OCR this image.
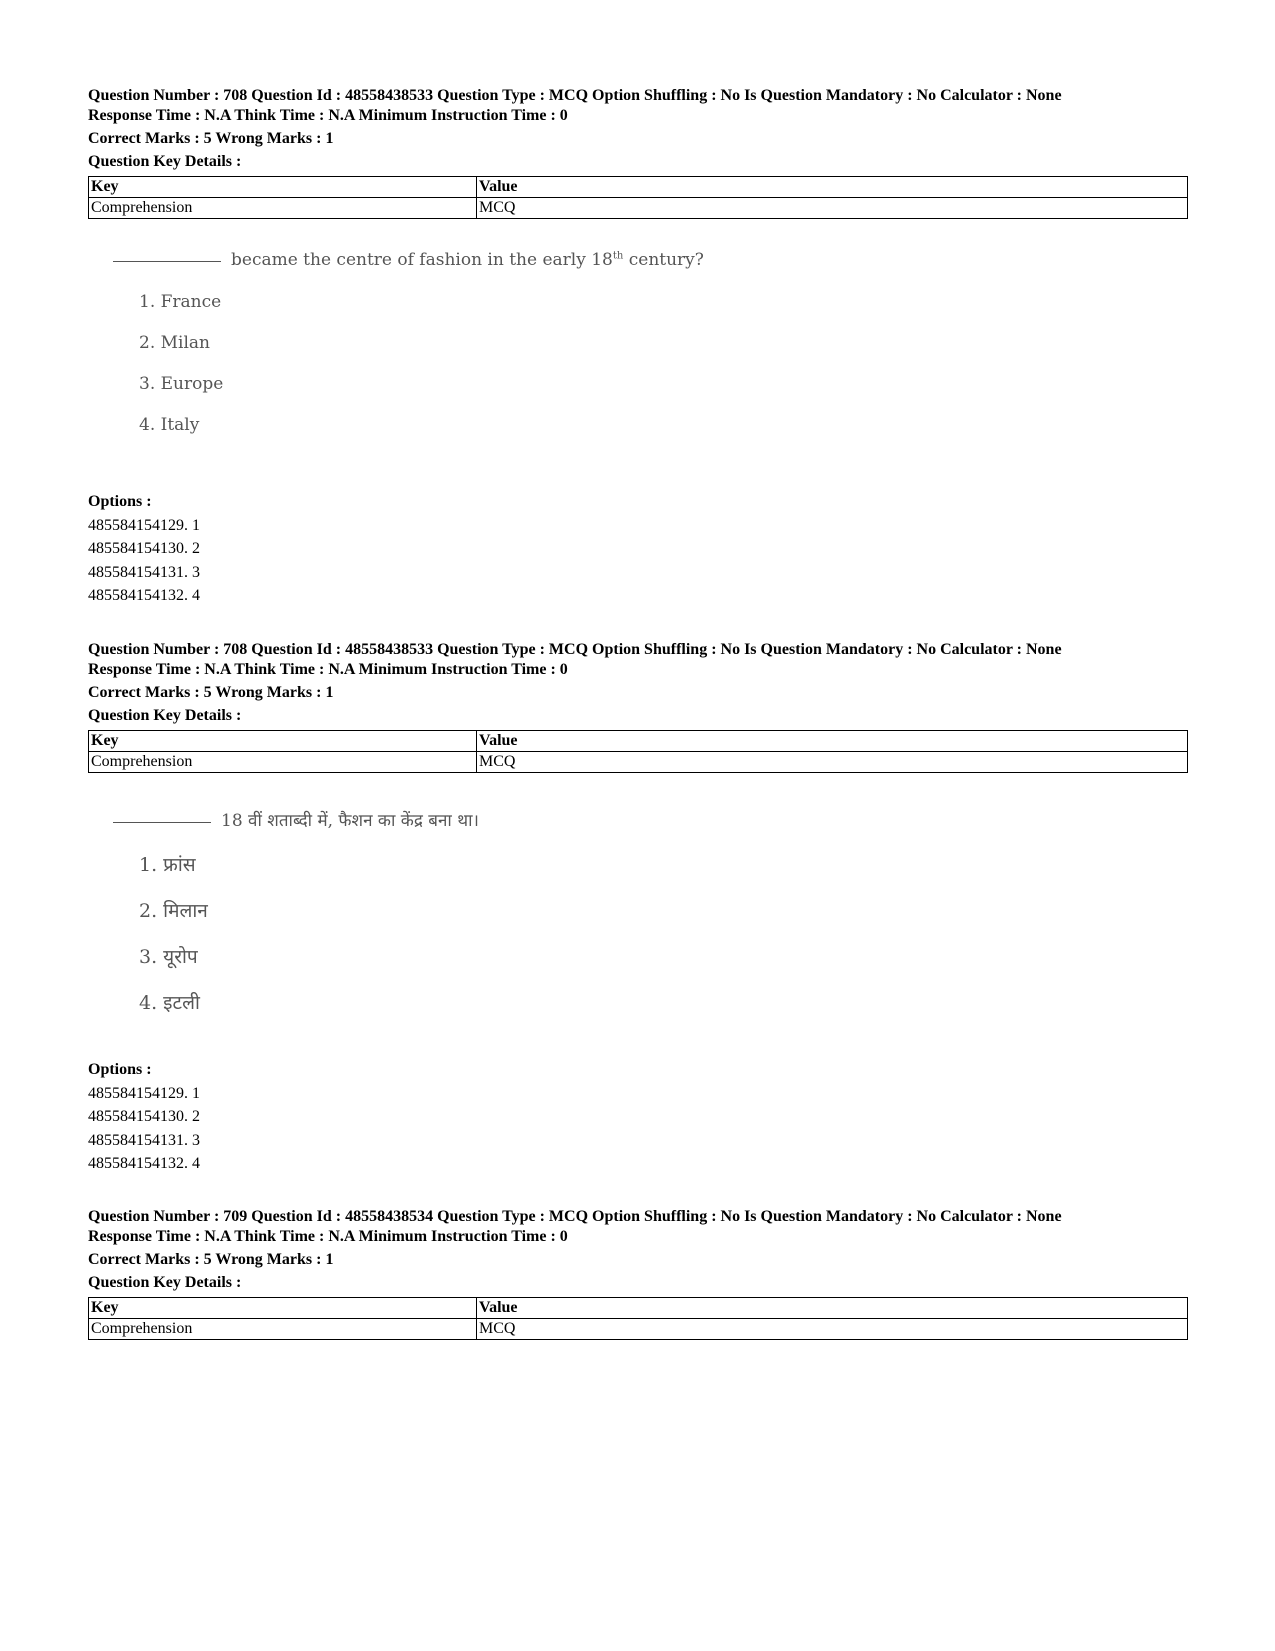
Question Number : 708 Question Id : 48558438533 Question Type : MCQ Option Shuffling : No Is Question Mandatory : No Calculator : None
Response Time : N.A Think Time : N.A Minimum Instruction Time : 0
Correct Marks : 5 Wrong Marks : 1
Question Key Details :
Key	Value
Comprehension	MCQ
became the centre of fashion in the early 18th century?
1. France
2. Milan
3. Europe
4. Italy
Options :
485584154129. 1
485584154130. 2
485584154131. 3
485584154132. 4
Question Number : 708 Question Id : 48558438533 Question Type : MCQ Option Shuffling : No Is Question Mandatory : No Calculator : None
Response Time : N.A Think Time : N.A Minimum Instruction Time : 0
Correct Marks : 5 Wrong Marks : 1
Question Key Details :
Key	Value
Comprehension	MCQ
18 वीं शताब्दी में, फैशन का केंद्र बना था।
1. फ्रांस
2. मिलान
3. यूरोप
4. इटली
Options :
485584154129. 1
485584154130. 2
485584154131. 3
485584154132. 4
Question Number : 709 Question Id : 48558438534 Question Type : MCQ Option Shuffling : No Is Question Mandatory : No Calculator : None
Response Time : N.A Think Time : N.A Minimum Instruction Time : 0
Correct Marks : 5 Wrong Marks : 1
Question Key Details :
Key	Value
Comprehension	MCQ
